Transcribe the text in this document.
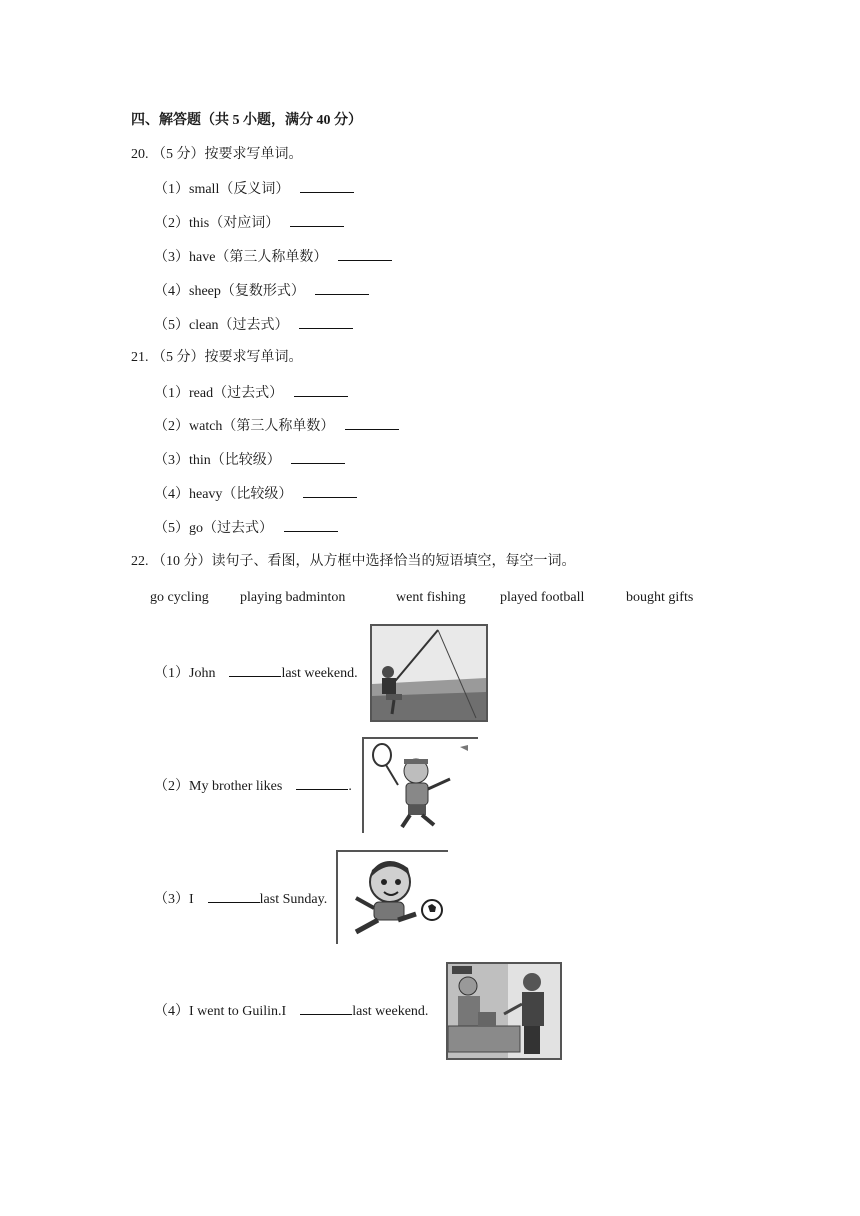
四、解答题（共 5 小题，满分 40 分）
20. （5 分）按要求写单词。
（1）small（反义词）
（2）this（对应词）
（3）have（第三人称单数）
（4）sheep（复数形式）
（5）clean（过去式）
21. （5 分）按要求写单词。
（1）read（过去式）
（2）watch（第三人称单数）
（3）thin（比较级）
（4）heavy（比较级）
（5）go（过去式）
22. （10 分）读句子、看图，从方框中选择恰当的短语填空，每空一词。
go cycling playing badminton	went fishing played football	bought gifts
（1）John	last weekend.
（2）My brother likes	.
（3）I	last Sunday.
（4）I went to Guilin.I	last weekend.
